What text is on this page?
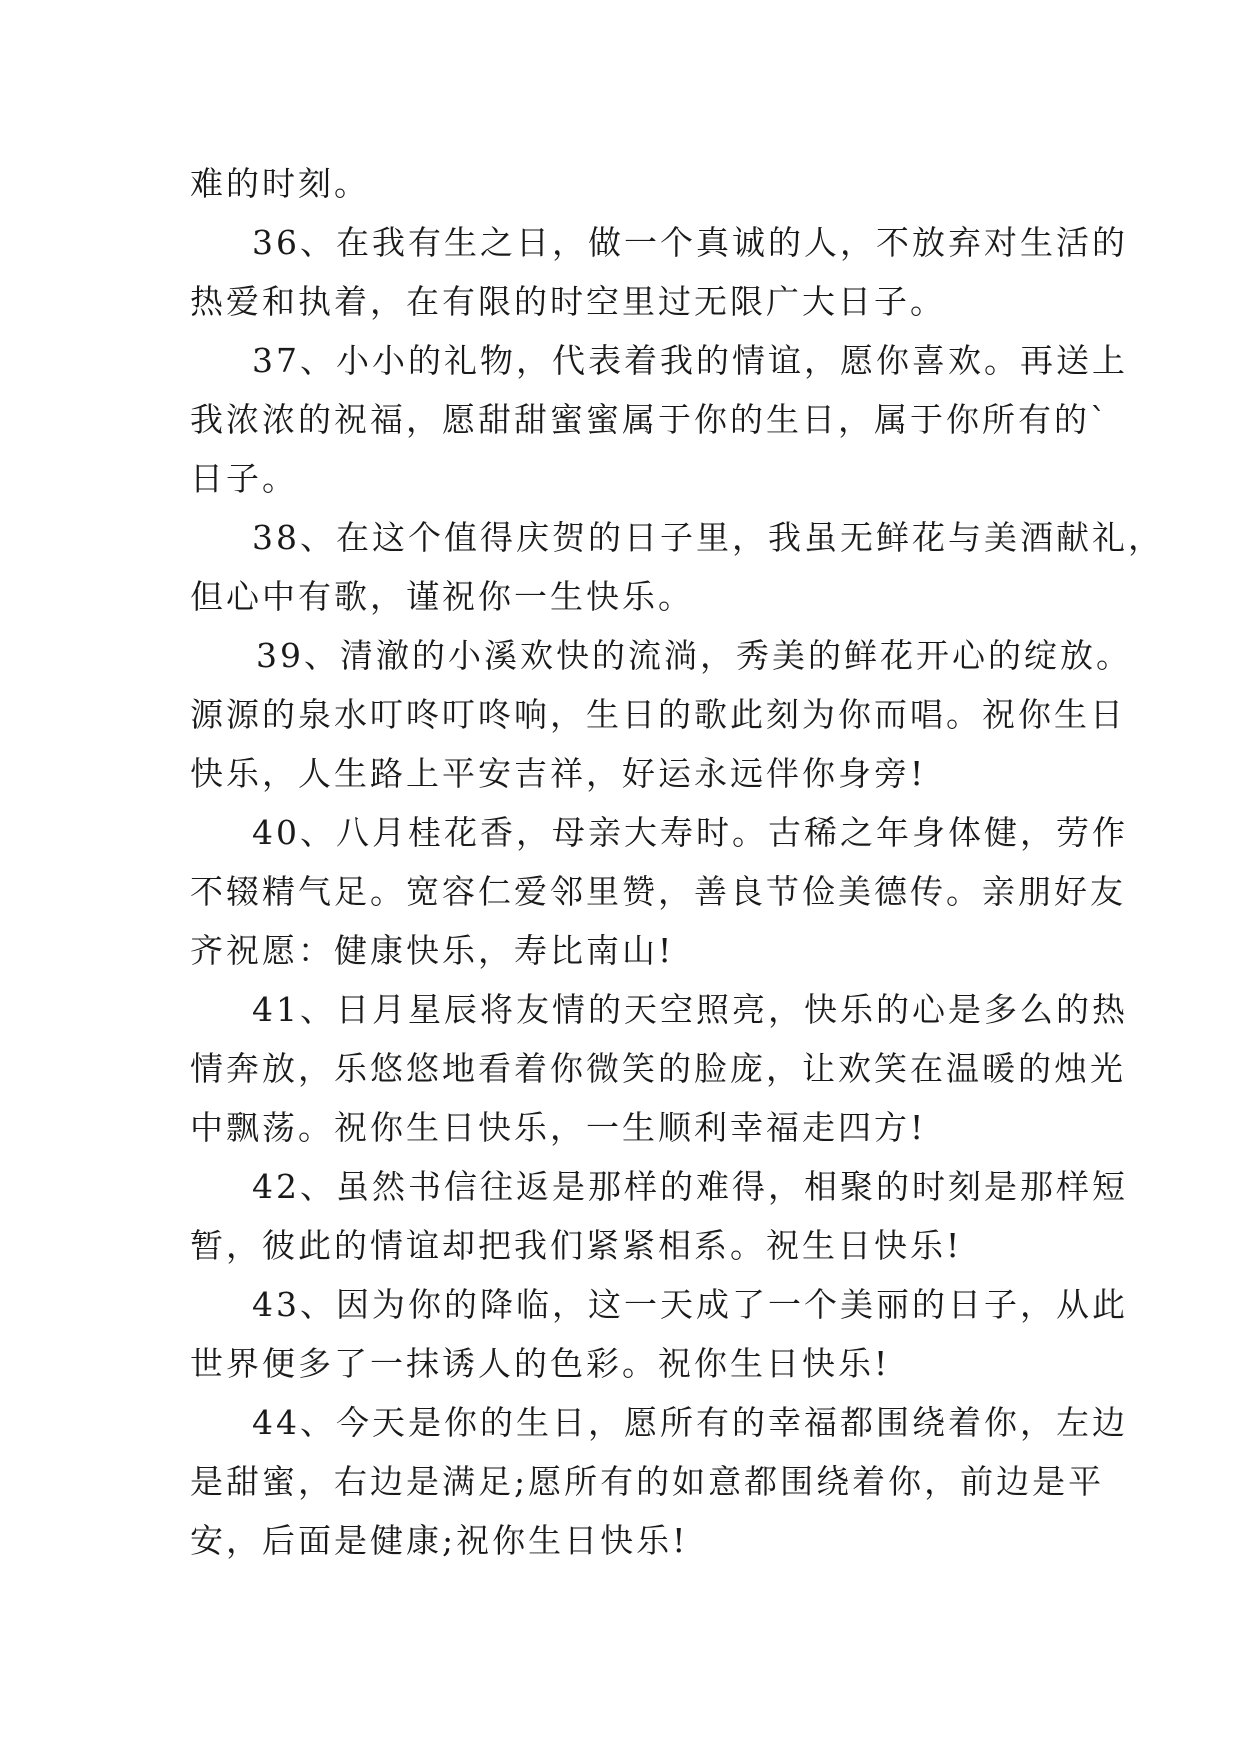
难的时刻。
36、在我有生之日，做一个真诚的人，不放弃对生活的
热爱和执着，在有限的时空里过无限广大日子。
37、小小的礼物，代表着我的情谊，愿你喜欢。再送上
我浓浓的祝福，愿甜甜蜜蜜属于你的生日，属于你所有的`
日子。
38、在这个值得庆贺的日子里，我虽无鲜花与美酒献礼，
但心中有歌，谨祝你一生快乐。
39、清澈的小溪欢快的流淌，秀美的鲜花开心的绽放。
源源的泉水叮咚叮咚响，生日的歌此刻为你而唱。祝你生日
快乐，人生路上平安吉祥，好运永远伴你身旁!
40、八月桂花香，母亲大寿时。古稀之年身体健，劳作
不辍精气足。宽容仁爱邻里赞，善良节俭美德传。亲朋好友
齐祝愿：健康快乐，寿比南山!
41、日月星辰将友情的天空照亮，快乐的心是多么的热
情奔放，乐悠悠地看着你微笑的脸庞，让欢笑在温暖的烛光
中飘荡。祝你生日快乐，一生顺利幸福走四方!
42、虽然书信往返是那样的难得，相聚的时刻是那样短
暂，彼此的情谊却把我们紧紧相系。祝生日快乐!
43、因为你的降临，这一天成了一个美丽的日子，从此
世界便多了一抹诱人的色彩。祝你生日快乐!
44、今天是你的生日，愿所有的幸福都围绕着你，左边
是甜蜜，右边是满足;愿所有的如意都围绕着你，前边是平
安，后面是健康;祝你生日快乐!
